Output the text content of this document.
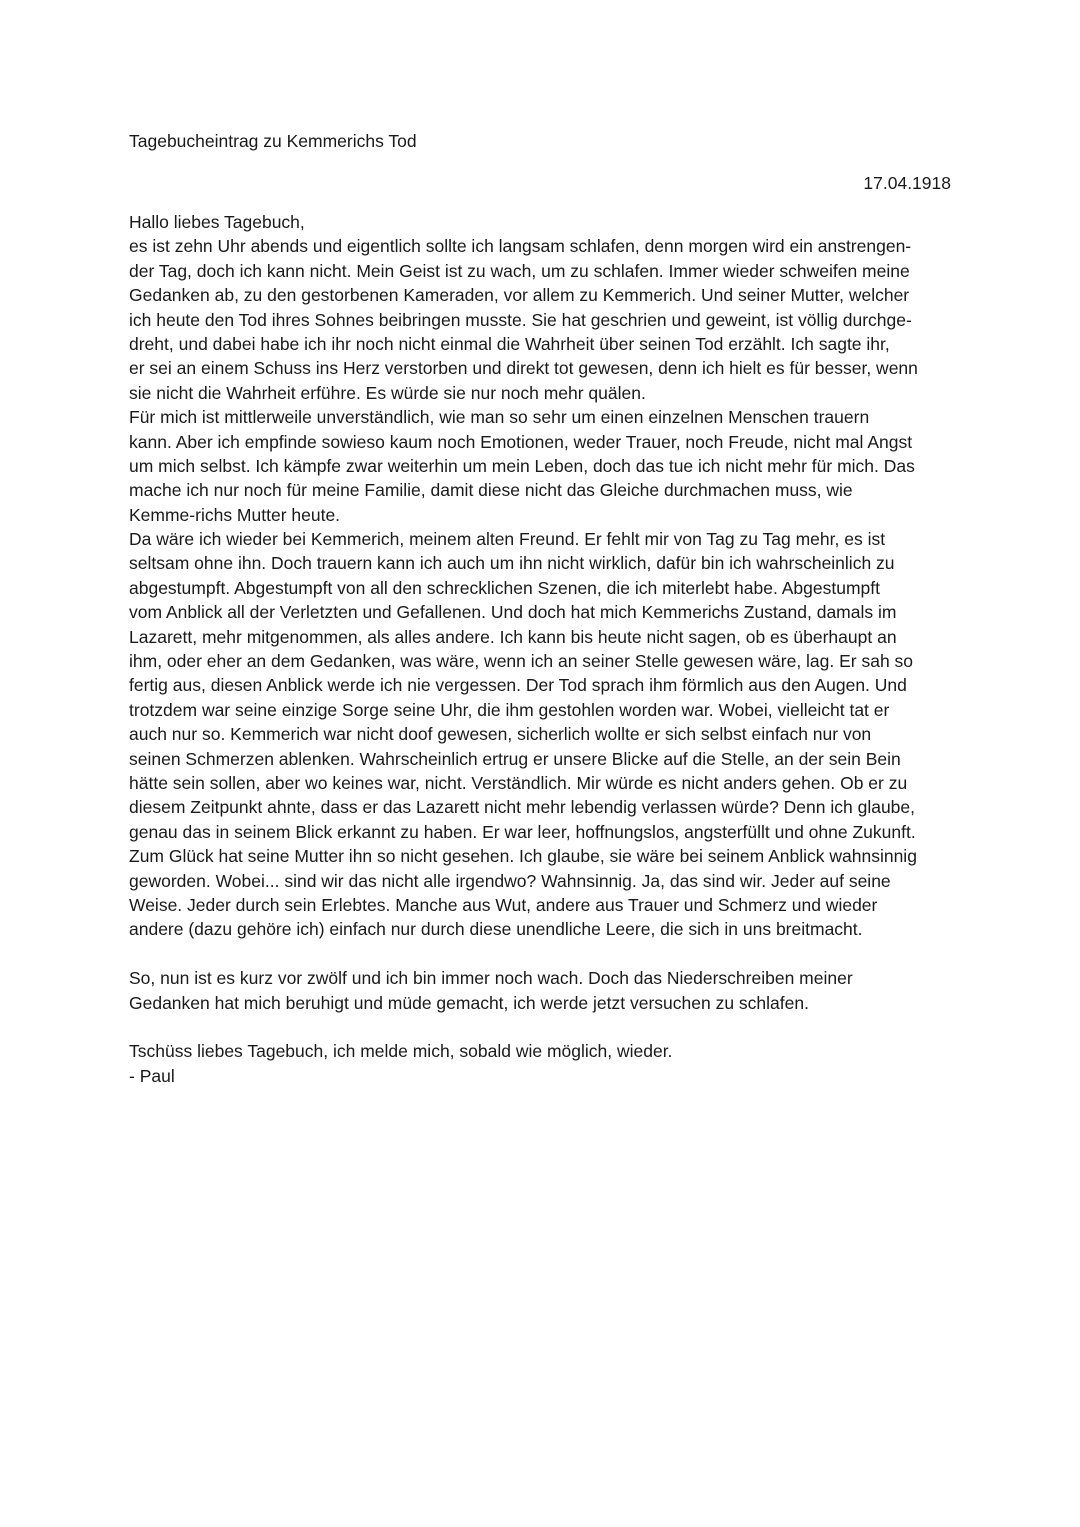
Tagebucheintrag zu Kemmerichs Tod
17.04.1918
Hallo liebes Tagebuch,
es ist zehn Uhr abends und eigentlich sollte ich langsam schlafen, denn morgen wird ein anstrengen-
der Tag, doch ich kann nicht. Mein Geist ist zu wach, um zu schlafen. Immer wieder schweifen meine
Gedanken ab, zu den gestorbenen Kameraden, vor allem zu Kemmerich. Und seiner Mutter, welcher
ich heute den Tod ihres Sohnes beibringen musste. Sie hat geschrien und geweint, ist völlig durchge-
dreht, und dabei habe ich ihr noch nicht einmal die Wahrheit über seinen Tod erzählt. Ich sagte ihr,
er sei an einem Schuss ins Herz verstorben und direkt tot gewesen, denn ich hielt es für besser, wenn
sie nicht die Wahrheit erführe. Es würde sie nur noch mehr quälen.
Für mich ist mittlerweile unverständlich, wie man so sehr um einen einzelnen Menschen trauern
kann. Aber ich empfinde sowieso kaum noch Emotionen, weder Trauer, noch Freude, nicht mal Angst
um mich selbst. Ich kämpfe zwar weiterhin um mein Leben, doch das tue ich nicht mehr für mich. Das
mache ich nur noch für meine Familie, damit diese nicht das Gleiche durchmachen muss, wie
Kemme-richs Mutter heute.
Da wäre ich wieder bei Kemmerich, meinem alten Freund. Er fehlt mir von Tag zu Tag mehr, es ist
seltsam ohne ihn. Doch trauern kann ich auch um ihn nicht wirklich, dafür bin ich wahrscheinlich zu
abgestumpft. Abgestumpft von all den schrecklichen Szenen, die ich miterlebt habe. Abgestumpft
vom Anblick all der Verletzten und Gefallenen. Und doch hat mich Kemmerichs Zustand, damals im
Lazarett, mehr mitgenommen, als alles andere. Ich kann bis heute nicht sagen, ob es überhaupt an
ihm, oder eher an dem Gedanken, was wäre, wenn ich an seiner Stelle gewesen wäre, lag. Er sah so
fertig aus, diesen Anblick werde ich nie vergessen. Der Tod sprach ihm förmlich aus den Augen. Und
trotzdem war seine einzige Sorge seine Uhr, die ihm gestohlen worden war. Wobei, vielleicht tat er
auch nur so. Kemmerich war nicht doof gewesen, sicherlich wollte er sich selbst einfach nur von
seinen Schmerzen ablenken. Wahrscheinlich ertrug er unsere Blicke auf die Stelle, an der sein Bein
hätte sein sollen, aber wo keines war, nicht. Verständlich. Mir würde es nicht anders gehen. Ob er zu
diesem Zeitpunkt ahnte, dass er das Lazarett nicht mehr lebendig verlassen würde? Denn ich glaube,
genau das in seinem Blick erkannt zu haben. Er war leer, hoffnungslos, angsterfüllt und ohne Zukunft.
Zum Glück hat seine Mutter ihn so nicht gesehen. Ich glaube, sie wäre bei seinem Anblick wahnsinnig
geworden. Wobei... sind wir das nicht alle irgendwo? Wahnsinnig. Ja, das sind wir. Jeder auf seine
Weise. Jeder durch sein Erlebtes. Manche aus Wut, andere aus Trauer und Schmerz und wieder
andere (dazu gehöre ich) einfach nur durch diese unendliche Leere, die sich in uns breitmacht.
So, nun ist es kurz vor zwölf und ich bin immer noch wach. Doch das Niederschreiben meiner
Gedanken hat mich beruhigt und müde gemacht, ich werde jetzt versuchen zu schlafen.
Tschüss liebes Tagebuch, ich melde mich, sobald wie möglich, wieder.
- Paul
